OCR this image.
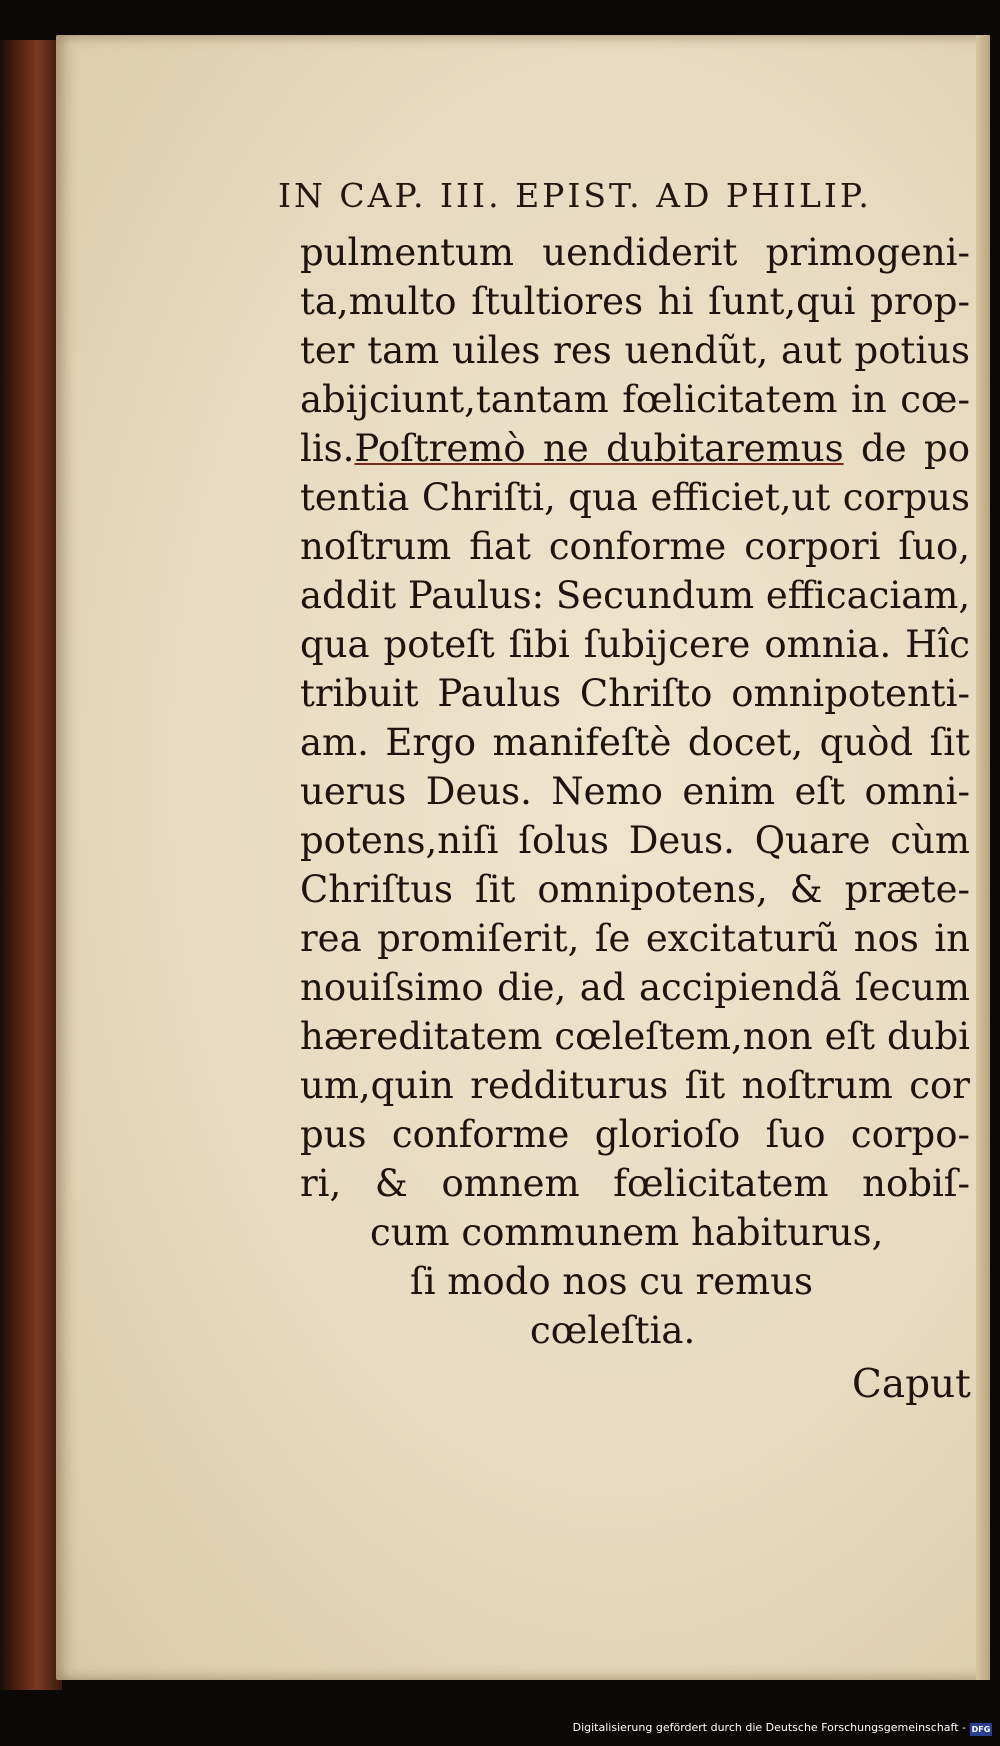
IN CAP. III. EPIST. AD PHILIP.
pulmentum uendiderit primogeni-
ta,multo ſtultiores hi ſunt,qui prop-
ter tam uiles res uendũt, aut potius
abijciunt,tantam fœlicitatem in cœ-
lis.Poſtremò ne dubitaremus de po
tentia Chriſti, qua efficiet,ut corpus
noſtrum fiat conforme corpori ſuo,
addit Paulus: Secundum efficaciam,
qua poteſt ſibi ſubijcere omnia. Hîc
tribuit Paulus Chriſto omnipotenti-
am. Ergo manifeſtè docet, quòd ſit
uerus Deus. Nemo enim eſt omni-
potens,niſi ſolus Deus. Quare cùm
Chriſtus ſit omnipotens, & præte-
rea promiſerit, ſe excitaturũ nos in
nouiſsimo die, ad accipiendã ſecum
hæreditatem cœleſtem,non eſt dubi
um,quin redditurus ſit noſtrum cor
pus conforme glorioſo ſuo corpo-
ri, & omnem fœlicitatem nobiſ-
cum communem habiturus,
ſi modo nos cu remus
cœleſtia.
Caput
Digitalisierung gefördert durch die Deutsche Forschungsgemeinschaft - DFG
